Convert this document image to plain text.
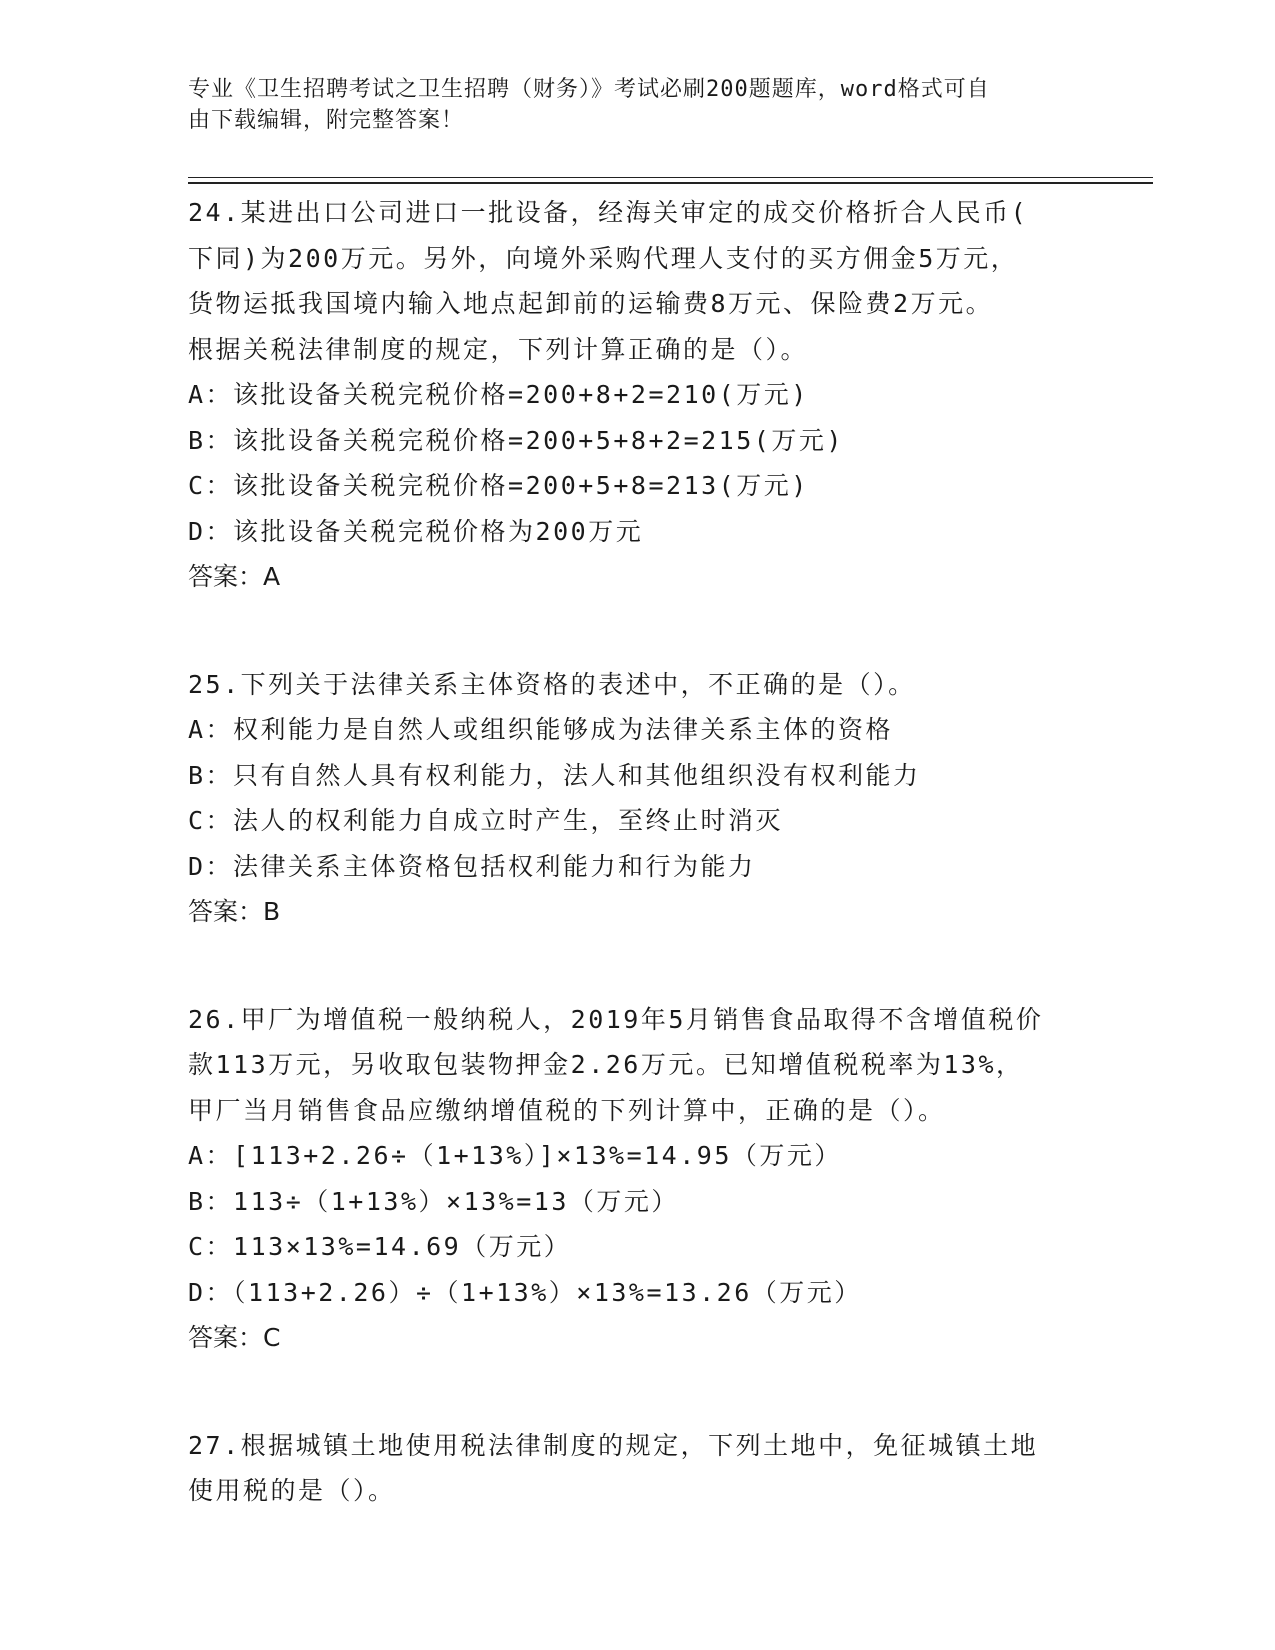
专业《卫生招聘考试之卫生招聘（财务）》考试必刷200题题库，word格式可自
由下载编辑，附完整答案！
24.某进出口公司进口一批设备，经海关审定的成交价格折合人民币(
下同)为200万元。另外，向境外采购代理人支付的买方佣金5万元，
货物运抵我国境内输入地点起卸前的运输费8万元、保险费2万元。
根据关税法律制度的规定，下列计算正确的是（）。
A：该批设备关税完税价格=200+8+2=210(万元)
B：该批设备关税完税价格=200+5+8+2=215(万元)
C：该批设备关税完税价格=200+5+8=213(万元)
D：该批设备关税完税价格为200万元
答案：A
25.下列关于法律关系主体资格的表述中，不正确的是（）。
A：权利能力是自然人或组织能够成为法律关系主体的资格
B：只有自然人具有权利能力，法人和其他组织没有权利能力
C：法人的权利能力自成立时产生，至终止时消灭
D：法律关系主体资格包括权利能力和行为能力
答案：B
26.甲厂为增值税一般纳税人，2019年5月销售食品取得不含增值税价
款113万元，另收取包装物押金2.26万元。已知增值税税率为13%，
甲厂当月销售食品应缴纳增值税的下列计算中，正确的是（）。
A：[113+2.26÷（1+13%）]×13%=14.95（万元）
B：113÷（1+13%）×13%=13（万元）
C：113×13%=14.69（万元）
D：（113+2.26）÷（1+13%）×13%=13.26（万元）
答案：C
27.根据城镇土地使用税法律制度的规定，下列土地中，免征城镇土地
使用税的是（）。
